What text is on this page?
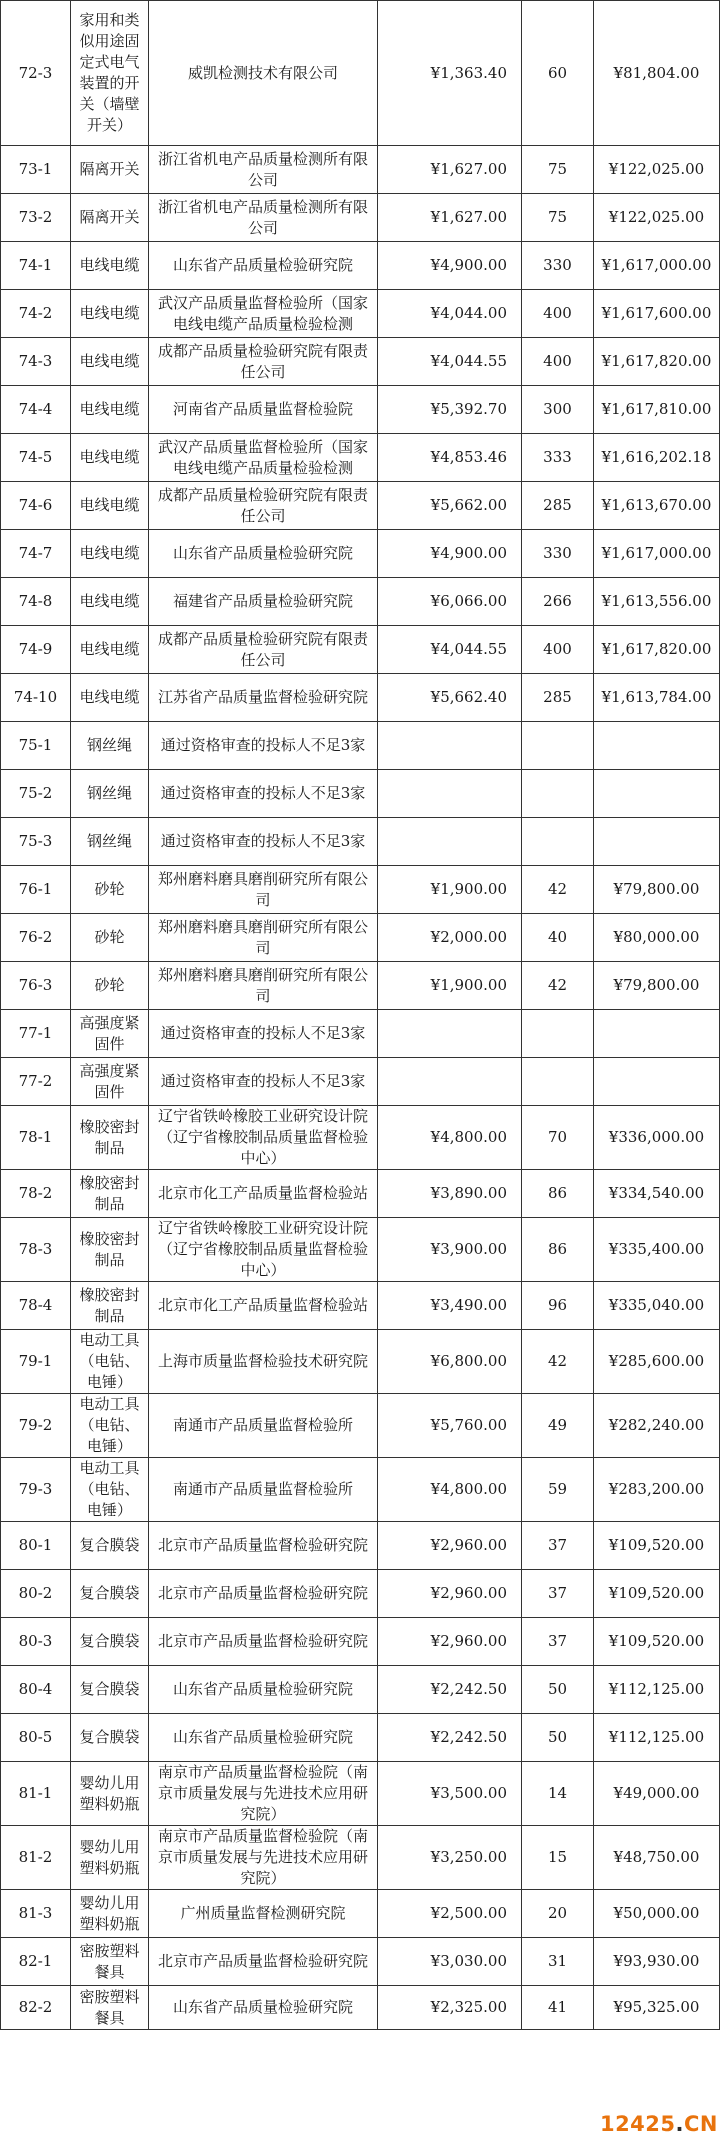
72-3	家用和类似用途固定式电气装置的开关（墙壁开关）	威凯检测技术有限公司	¥1,363.40	60	¥81,804.00
73-1	隔离开关	浙江省机电产品质量检测所有限公司	¥1,627.00	75	¥122,025.00
73-2	隔离开关	浙江省机电产品质量检测所有限公司	¥1,627.00	75	¥122,025.00
74-1	电线电缆	山东省产品质量检验研究院	¥4,900.00	330	¥1,617,000.00
74-2	电线电缆	武汉产品质量监督检验所（国家电线电缆产品质量检验检测	¥4,044.00	400	¥1,617,600.00
74-3	电线电缆	成都产品质量检验研究院有限责任公司	¥4,044.55	400	¥1,617,820.00
74-4	电线电缆	河南省产品质量监督检验院	¥5,392.70	300	¥1,617,810.00
74-5	电线电缆	武汉产品质量监督检验所（国家电线电缆产品质量检验检测	¥4,853.46	333	¥1,616,202.18
74-6	电线电缆	成都产品质量检验研究院有限责任公司	¥5,662.00	285	¥1,613,670.00
74-7	电线电缆	山东省产品质量检验研究院	¥4,900.00	330	¥1,617,000.00
74-8	电线电缆	福建省产品质量检验研究院	¥6,066.00	266	¥1,613,556.00
74-9	电线电缆	成都产品质量检验研究院有限责任公司	¥4,044.55	400	¥1,617,820.00
74-10	电线电缆	江苏省产品质量监督检验研究院	¥5,662.40	285	¥1,613,784.00
75-1	钢丝绳	通过资格审查的投标人不足3家			
75-2	钢丝绳	通过资格审查的投标人不足3家			
75-3	钢丝绳	通过资格审查的投标人不足3家			
76-1	砂轮	郑州磨料磨具磨削研究所有限公司	¥1,900.00	42	¥79,800.00
76-2	砂轮	郑州磨料磨具磨削研究所有限公司	¥2,000.00	40	¥80,000.00
76-3	砂轮	郑州磨料磨具磨削研究所有限公司	¥1,900.00	42	¥79,800.00
77-1	高强度紧固件	通过资格审查的投标人不足3家			
77-2	高强度紧固件	通过资格审查的投标人不足3家			
78-1	橡胶密封制品	辽宁省铁岭橡胶工业研究设计院（辽宁省橡胶制品质量监督检验中心）	¥4,800.00	70	¥336,000.00
78-2	橡胶密封制品	北京市化工产品质量监督检验站	¥3,890.00	86	¥334,540.00
78-3	橡胶密封制品	辽宁省铁岭橡胶工业研究设计院（辽宁省橡胶制品质量监督检验中心）	¥3,900.00	86	¥335,400.00
78-4	橡胶密封制品	北京市化工产品质量监督检验站	¥3,490.00	96	¥335,040.00
79-1	电动工具（电钻、电锤）	上海市质量监督检验技术研究院	¥6,800.00	42	¥285,600.00
79-2	电动工具（电钻、电锤）	南通市产品质量监督检验所	¥5,760.00	49	¥282,240.00
79-3	电动工具（电钻、电锤）	南通市产品质量监督检验所	¥4,800.00	59	¥283,200.00
80-1	复合膜袋	北京市产品质量监督检验研究院	¥2,960.00	37	¥109,520.00
80-2	复合膜袋	北京市产品质量监督检验研究院	¥2,960.00	37	¥109,520.00
80-3	复合膜袋	北京市产品质量监督检验研究院	¥2,960.00	37	¥109,520.00
80-4	复合膜袋	山东省产品质量检验研究院	¥2,242.50	50	¥112,125.00
80-5	复合膜袋	山东省产品质量检验研究院	¥2,242.50	50	¥112,125.00
81-1	婴幼儿用塑料奶瓶	南京市产品质量监督检验院（南京市质量发展与先进技术应用研究院）	¥3,500.00	14	¥49,000.00
81-2	婴幼儿用塑料奶瓶	南京市产品质量监督检验院（南京市质量发展与先进技术应用研究院）	¥3,250.00	15	¥48,750.00
81-3	婴幼儿用塑料奶瓶	广州质量监督检测研究院	¥2,500.00	20	¥50,000.00
82-1	密胺塑料餐具	北京市产品质量监督检验研究院	¥3,030.00	31	¥93,930.00
82-2	密胺塑料餐具	山东省产品质量检验研究院	¥2,325.00	41	¥95,325.00
12425.CN
